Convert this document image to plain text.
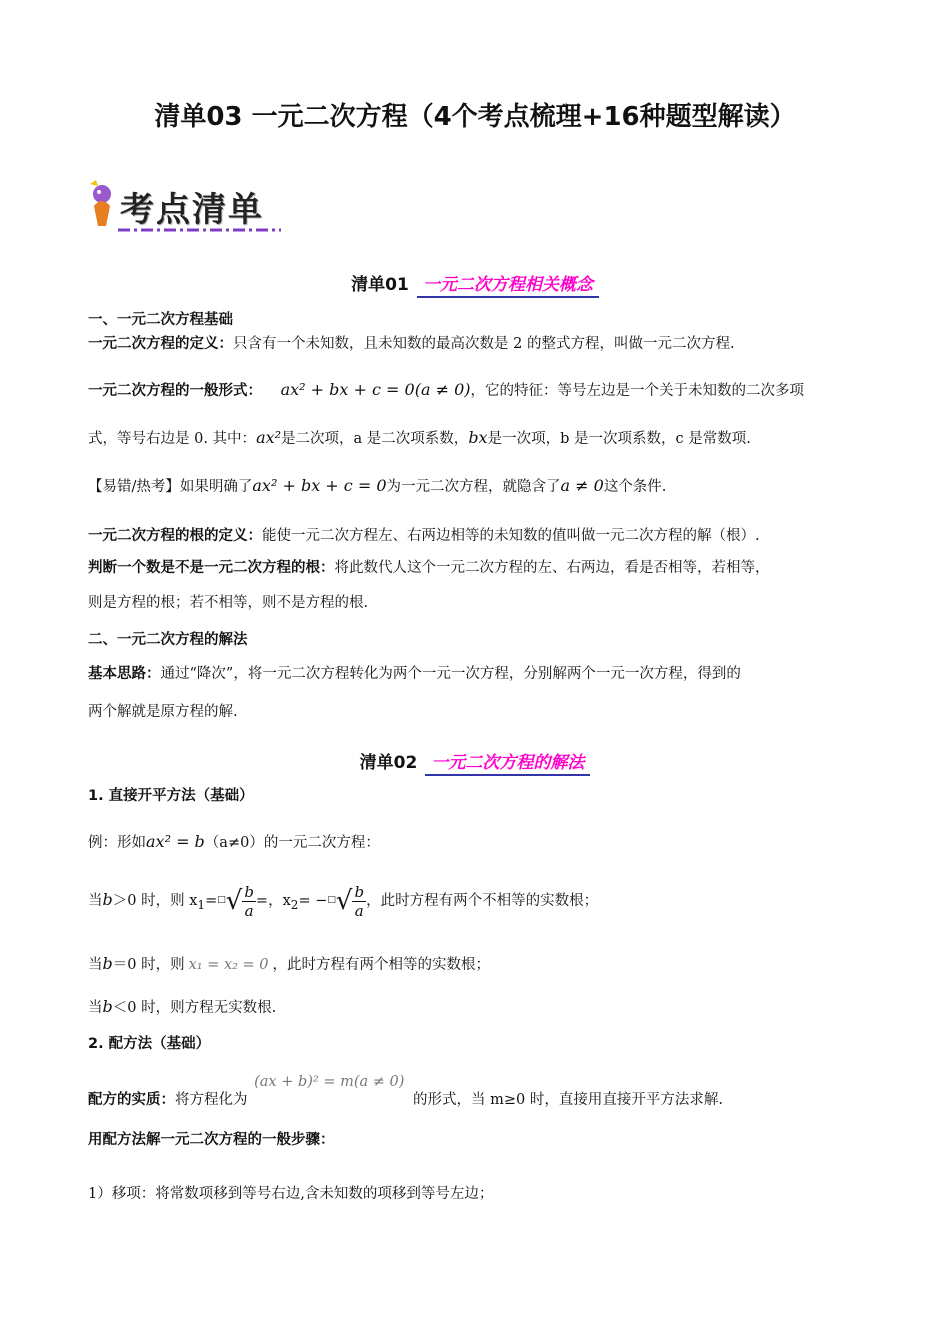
清单03 一元二次方程（4个考点梳理+16种题型解读）
考点清单
清单01 一元二次方程相关概念
一、一元二次方程基础
一元二次方程的定义：只含有一个未知数，且未知数的最高次数是 2 的整式方程，叫做一元二次方程.
一元二次方程的一般形式： ax² + bx + c = 0(a ≠ 0)，它的特征：等号左边是一个关于未知数的二次多项
式，等号右边是 0. 其中：ax²是二次项，a 是二次项系数，bx是一次项，b 是一次项系数，c 是常数项.
【易错/热考】如果明确了ax² + bx + c = 0为一元二次方程，就隐含了a ≠ 0这个条件.
一元二次方程的根的定义：能使一元二次方程左、右两边相等的未知数的值叫做一元二次方程的解（根）.
判断一个数是不是一元二次方程的根：将此数代人这个一元二次方程的左、右两边，看是否相等，若相等，
则是方程的根；若不相等，则不是方程的根.
二、一元二次方程的解法
基本思路：通过“降次”，将一元二次方程转化为两个一元一次方程，分别解两个一元一次方程，得到的
两个解就是原方程的解.
清单02 一元二次方程的解法
1. 直接开平方法（基础）
例：形如ax² = b（a≠0）的一元二次方程：
当b＞0 时，则 $x_1=^□√ \frac{b}{a}$ =，$x_2= -^□√ \frac{b}{a}$ ，此时方程有两个不相等的实数根；
当b＝0 时，则 x₁ = x₂ = 0 ，此时方程有两个相等的实数根；
当b＜0 时，则方程无实数根.
2. 配方法（基础）
配方的实质：将方程化为 (ax + b)² = m(a ≠ 0) 的形式，当 m≥0 时，直接用直接开平方法求解.
用配方法解一元二次方程的一般步骤：
1）移项：将常数项移到等号右边,含未知数的项移到等号左边；
